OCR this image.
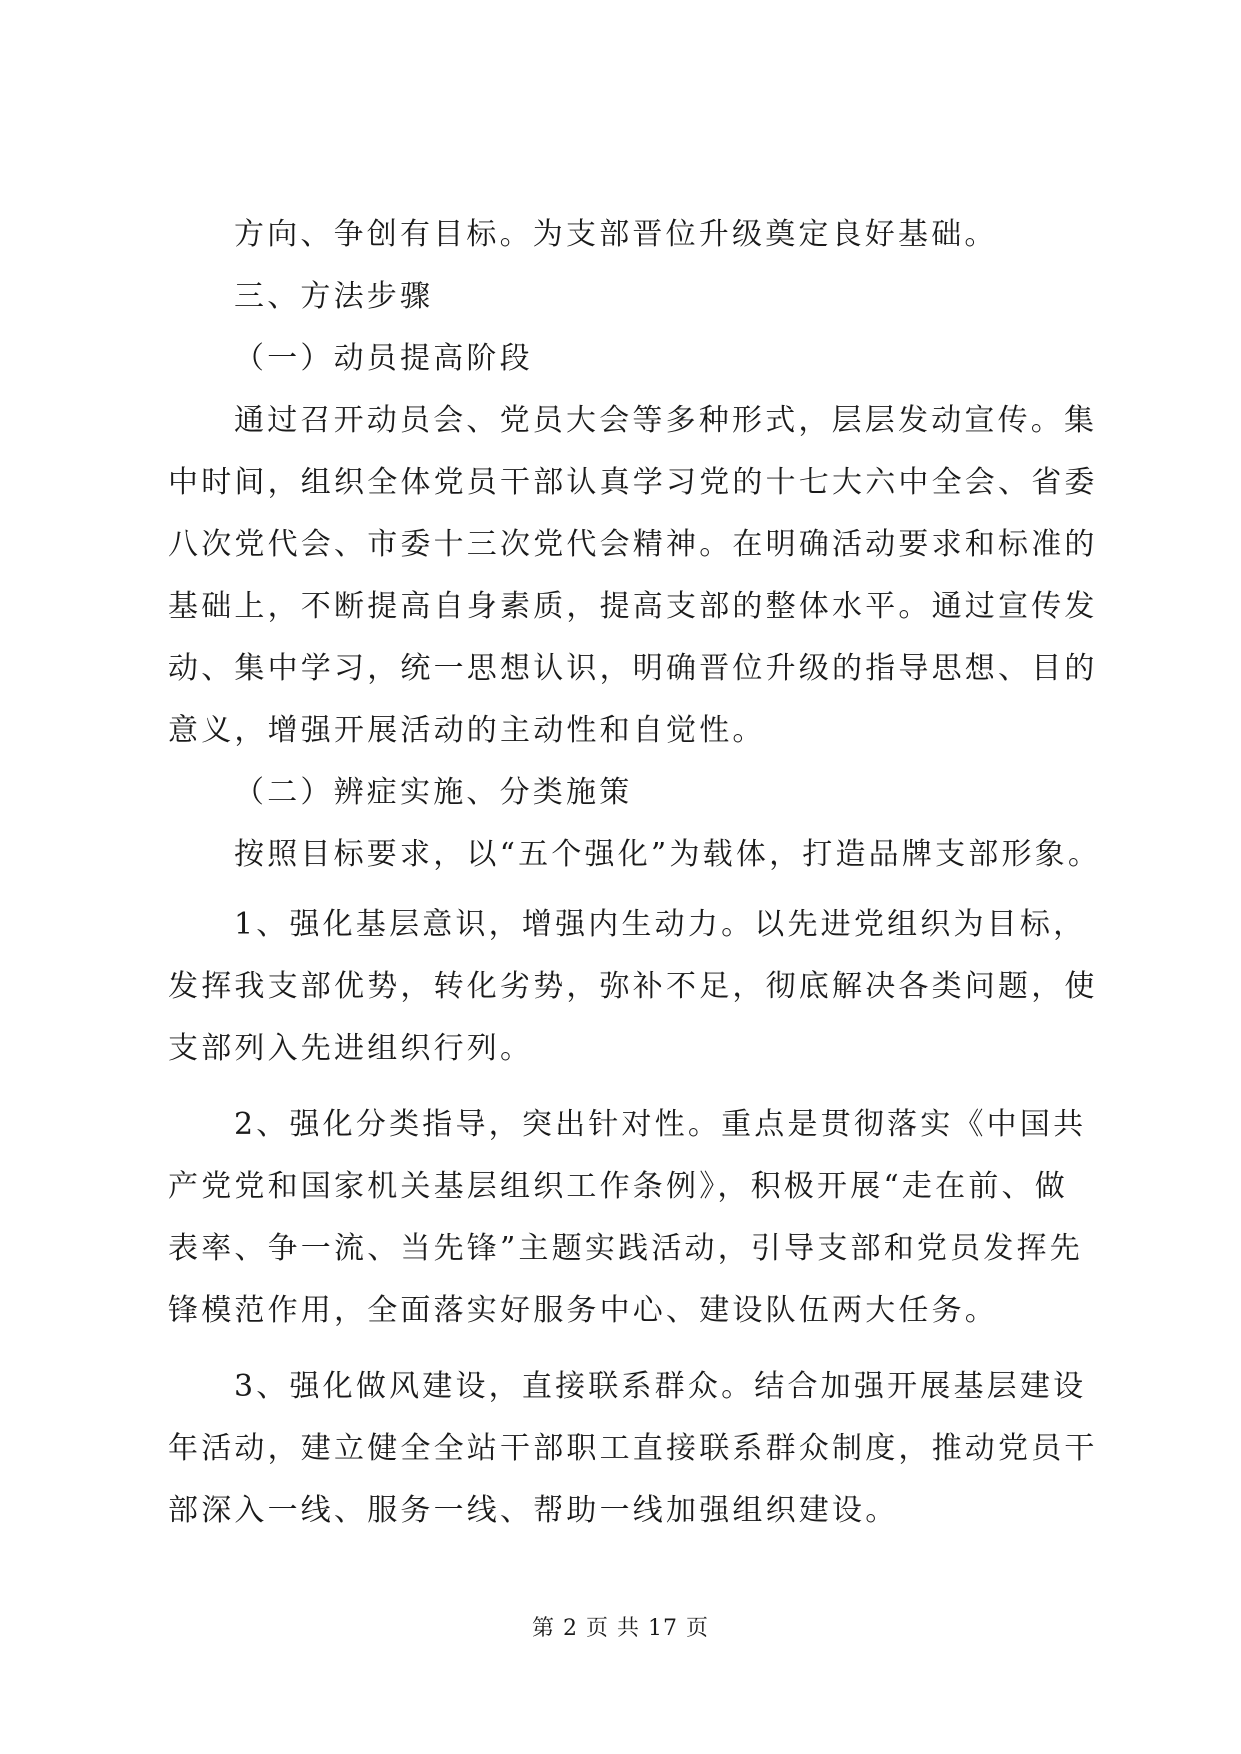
方向、争创有目标。为支部晋位升级奠定良好基础。
三、方法步骤
（一）动员提高阶段
通过召开动员会、党员大会等多种形式，层层发动宣传。集
中时间，组织全体党员干部认真学习党的十七大六中全会、省委
八次党代会、市委十三次党代会精神。在明确活动要求和标准的
基础上，不断提高自身素质，提高支部的整体水平。通过宣传发
动、集中学习，统一思想认识，明确晋位升级的指导思想、目的
意义，增强开展活动的主动性和自觉性。
（二）辨症实施、分类施策
按照目标要求，以“五个强化”为载体，打造品牌支部形象。
1、强化基层意识，增强内生动力。以先进党组织为目标，
发挥我支部优势，转化劣势，弥补不足，彻底解决各类问题，使
支部列入先进组织行列。
2、强化分类指导，突出针对性。重点是贯彻落实《中国共
产党党和国家机关基层组织工作条例》，积极开展“走在前、做
表率、争一流、当先锋”主题实践活动，引导支部和党员发挥先
锋模范作用，全面落实好服务中心、建设队伍两大任务。
3、强化做风建设，直接联系群众。结合加强开展基层建设
年活动，建立健全全站干部职工直接联系群众制度，推动党员干
部深入一线、服务一线、帮助一线加强组织建设。
第 2 页 共 17 页
